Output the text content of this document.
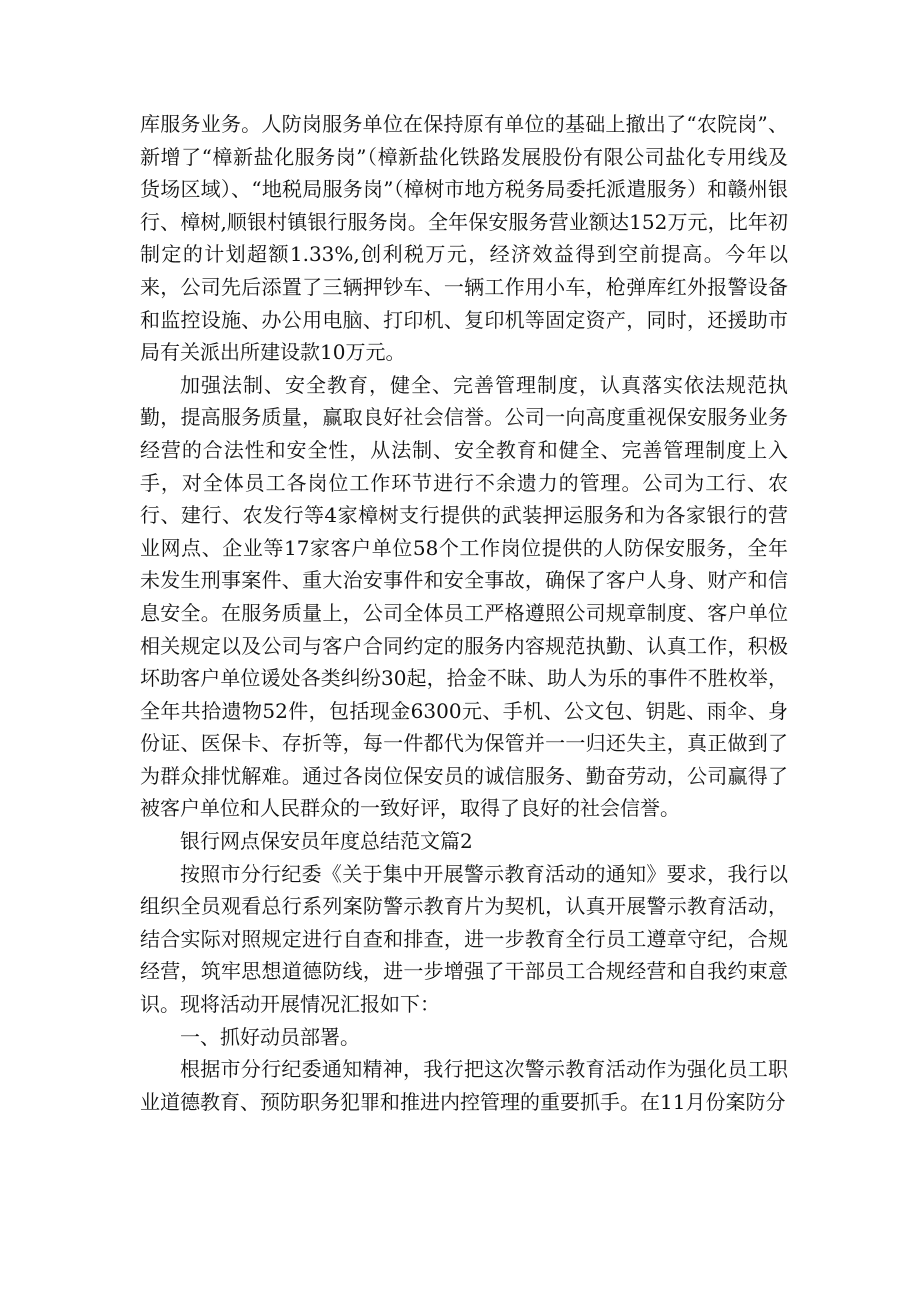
库服务业务。人防岗服务单位在保持原有单位的基础上撤出了“农院岗”、新增了“樟新盐化服务岗”（樟新盐化铁路发展股份有限公司盐化专用线及货场区域）、“地税局服务岗”（樟树市地方税务局委托派遣服务）和赣州银行、樟树,顺银村镇银行服务岗。全年保安服务营业额达152万元，比年初制定的计划超额1.33%,创利税万元，经济效益得到空前提高。今年以来，公司先后添置了三辆押钞车、一辆工作用小车，枪弹库红外报警设备和监控设施、办公用电脑、打印机、复印机等固定资产，同时，还援助市局有关派出所建设款10万元。

加强法制、安全教育，健全、完善管理制度，认真落实依法规范执勤，提高服务质量，赢取良好社会信誉。公司一向高度重视保安服务业务经营的合法性和安全性，从法制、安全教育和健全、完善管理制度上入手，对全体员工各岗位工作环节进行不余遗力的管理。公司为工行、农行、建行、农发行等4家樟树支行提供的武装押运服务和为各家银行的营业网点、企业等17家客户单位58个工作岗位提供的人防保安服务，全年未发生刑事案件、重大治安事件和安全事故，确保了客户人身、财产和信息安全。在服务质量上，公司全体员工严格遵照公司规章制度、客户单位相关规定以及公司与客户合同约定的服务内容规范执勤、认真工作，积极坏助客户单位谖处各类纠纷30起，拾金不昧、助人为乐的事件不胜枚举，全年共拾遗物52件，包括现金6300元、手机、公文包、钥匙、雨伞、身份证、医保卡、存折等，每一件都代为保管并一一归还失主，真正做到了为群众排忧解难。通过各岗位保安员的诚信服务、勤奋劳动，公司赢得了被客户单位和人民群众的一致好评，取得了良好的社会信誉。

银行网点保安员年度总结范文篇2

按照市分行纪委《关于集中开展警示教育活动的通知》要求，我行以组织全员观看总行系列案防警示教育片为契机，认真开展警示教育活动，结合实际对照规定进行自查和排查，进一步教育全行员工遵章守纪，合规经营，筑牢思想道德防线，进一步增强了干部员工合规经营和自我约束意识。现将活动开展情况汇报如下：

一、抓好动员部署。

根据市分行纪委通知精神，我行把这次警示教育活动作为强化员工职业道德教育、预防职务犯罪和推进内控管理的重要抓手。在11月份案防分
